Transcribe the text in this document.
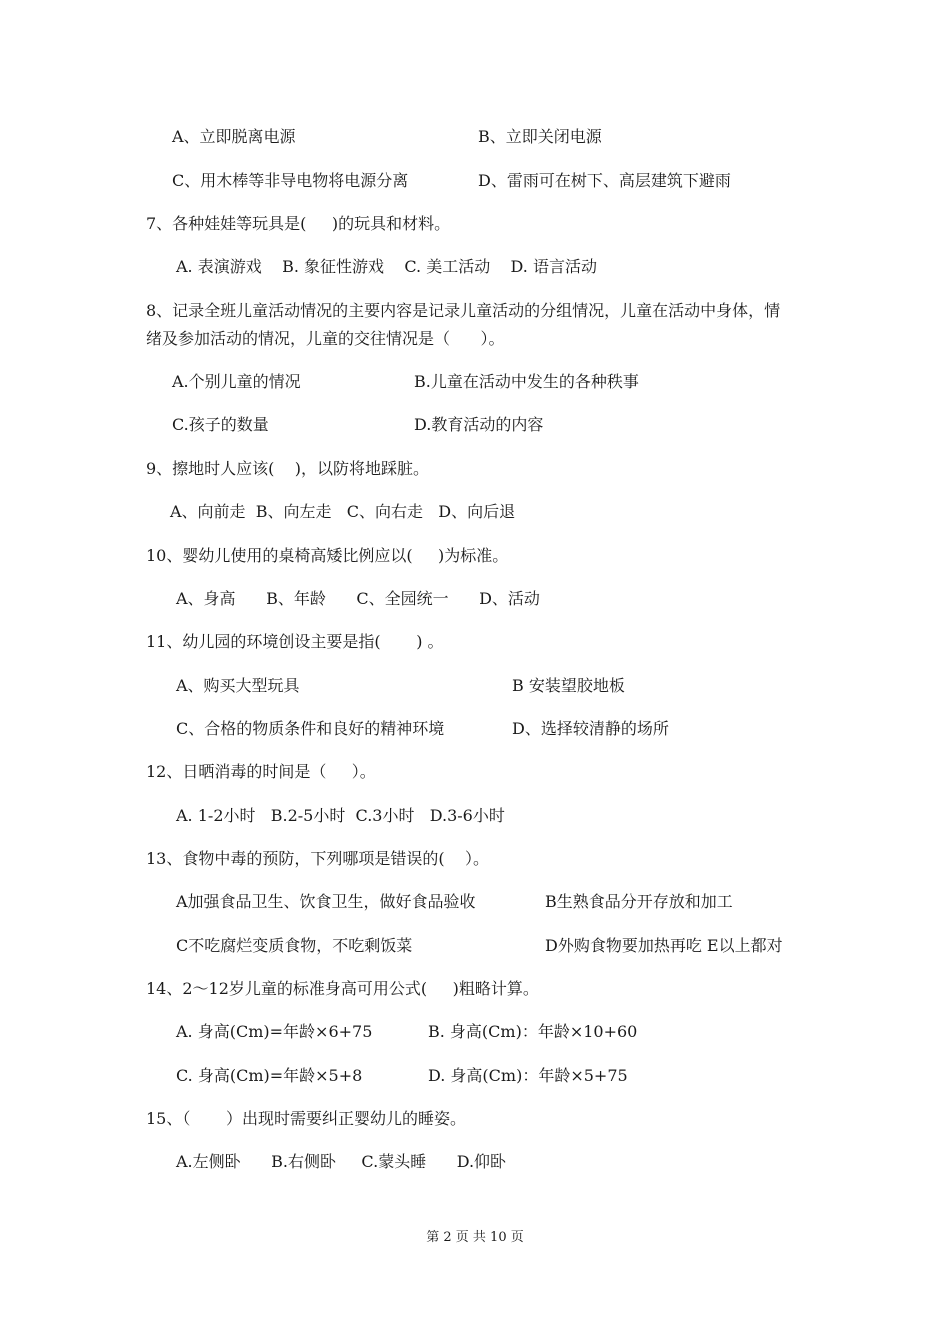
A、立即脱离电源	B、立即关闭电源
C、用木棒等非导电物将电源分离	D、雷雨可在树下、高层建筑下避雨
7、各种娃娃等玩具是(     )的玩具和材料。
A. 表演游戏    B. 象征性游戏    C. 美工活动    D. 语言活动
8、记录全班儿童活动情况的主要内容是记录儿童活动的分组情况，儿童在活动中身体，情
绪及参加活动的情况，儿童的交往情况是（      ）。
A.个别儿童的情况	B.儿童在活动中发生的各种秩事
C.孩子的数量	D.教育活动的内容
9、擦地时人应该(    )，以防将地踩脏。
A、向前走  B、向左走   C、向右走   D、向后退
10、婴幼儿使用的桌椅高矮比例应以(     )为标准。
A、身高      B、年龄      C、全园统一      D、活动
11、幼儿园的环境创设主要是指(       ) 。
A、购买大型玩具	B 安装望胶地板
C、合格的物质条件和良好的精神环境	D、选择较清静的场所
12、日晒消毒的时间是（     ）。
A. 1-2小时   B.2-5小时  C.3小时   D.3-6小时
13、食物中毒的预防，下列哪项是错误的(    ）。
A加强食品卫生、饮食卫生，做好食品验收	B生熟食品分开存放和加工
C不吃腐烂变质食物，不吃剩饭菜	D外购食物要加热再吃 E以上都对
14、2～12岁儿童的标准身高可用公式(     )粗略计算。
A. 身高(Cm)=年龄×6+75	B. 身高(Cm)：年龄×10+60
C. 身高(Cm)=年龄×5+8	D. 身高(Cm)：年龄×5+75
15、（       ）出现时需要纠正婴幼儿的睡姿。
A.左侧卧      B.右侧卧     C.蒙头睡      D.仰卧
第 2 页 共 10 页
